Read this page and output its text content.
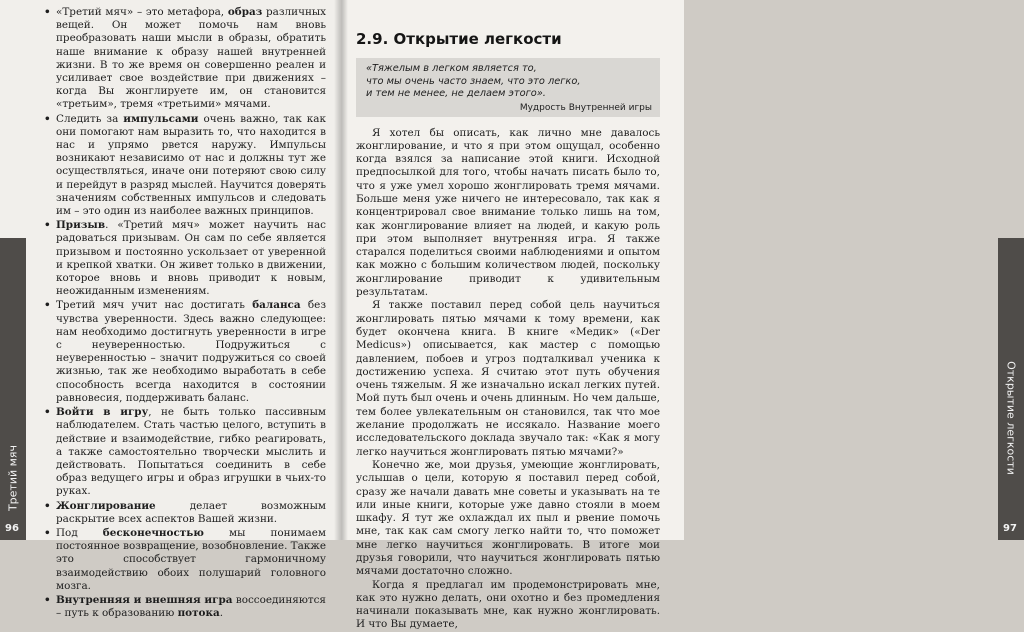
• «Третий мяч» – это метафора, образ различных вещей. Он может помочь нам вновь преобразовать наши мысли в образы, обратить наше внимание к образу нашей внутренней жизни. В то же время он совершенно реален и усиливает свое воздействие при движениях – когда Вы жонглируете им, он становится «третьим», тремя «третьими» мячами.
• Следить за импульсами очень важно, так как они помогают нам выразить то, что находится в нас и упрямо рвется наружу. Импульсы возникают независимо от нас и должны тут же осуществляться, иначе они потеряют свою силу и перейдут в разряд мыслей. Научится доверять значениям собственных импульсов и следовать им – это один из наиболее важных принципов.
• Призыв. «Третий мяч» может научить нас радоваться призывам. Он сам по себе является призывом и постоянно ускользает от уверенной и крепкой хватки. Он живет только в движении, которое вновь и вновь приводит к новым, неожиданным изменениям.
• Третий мяч учит нас достигать баланса без чувства уверенности. Здесь важно следующее: нам необходимо достигнуть уверенности в игре с неуверенностью. Подружиться с неуверенностью – значит подружиться со своей жизнью, так же необходимо выработать в себе способность всегда находится в состоянии равновесия, поддерживать баланс.
• Войти в игру, не быть только пассивным наблюдателем. Стать частью целого, вступить в действие и взаимодействие, гибко реагировать, а также самостоятельно творчески мыслить и действовать. Попытаться соединить в себе образ ведущего игры и образ игрушки в чьих-то руках.
• Жонглирование делает возможным раскрытие всех аспектов Вашей жизни.
• Под бесконечностью мы понимаем постоянное возвращение, возобновление. Также это способствует гармоничному взаимодействию обоих полушарий головного мозга.
• Внутренняя и внешняя игра воссоединяются – путь к образованию потока.
Третий мяч
96
2.9. Открытие легкости
«Тяжелым в легком является то,
что мы очень часто знаем, что это легко,
и тем не менее, не делаем этого».
Мудрость Внутренней игры

Я хотел бы описать, как лично мне давалось жонглирование, и что я при этом ощущал, особенно когда взялся за написание этой книги. Исходной предпосылкой для того, чтобы начать писать было то, что я уже умел хорошо жонглировать тремя мячами. Больше меня уже ничего не интересовало, так как я концентрировал свое внимание только лишь на том, как жонглирование влияет на людей, и какую роль при этом выполняет внутренняя игра. Я также старался поделиться своими наблюдениями и опытом как можно с большим количеством людей, поскольку жонглирование приводит к удивительным результатам.

Я также поставил перед собой цель научиться жонглировать пятью мячами к тому времени, как будет окончена книга. В книге «Медик» («Der Medicus») описывается, как мастер с помощью давлением, побоев и угроз подталкивал ученика к достижению успеха. Я считаю этот путь обучения очень тяжелым. Я же изначально искал легких путей. Мой путь был очень и очень длинным. Но чем дальше, тем более увлекательным он становился, так что мое желание продолжать не иссякало. Название моего исследовательского доклада звучало так: «Как я могу легко научиться жонглировать пятью мячами?»

Конечно же, мои друзья, умеющие жонглировать, услышав о цели, которую я поставил перед собой, сразу же начали давать мне советы и указывать на те или иные книги, которые уже давно стояли в моем шкафу. Я тут же охлаждал их пыл и рвение помочь мне, так как сам смогу легко найти то, что поможет мне легко научиться жонглировать. В итоге мои друзья говорили, что научиться жонглировать пятью мячами достаточно сложно.

Когда я предлагал им продемонстрировать мне, как это нужно делать, они охотно и без промедления начинали показывать мне, как нужно жонглировать. И что Вы думаете,

Открытие легкости
97
